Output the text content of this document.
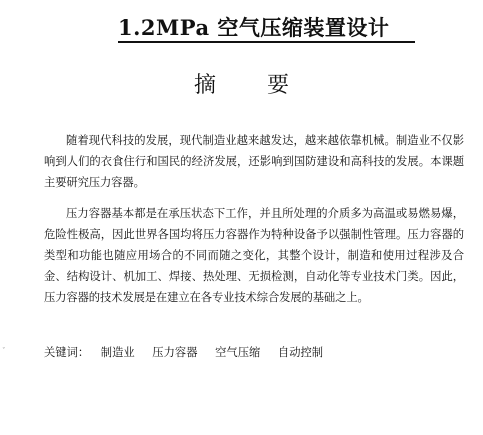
1.2MPa 空气压缩装置设计
摘 要
随着现代科技的发展，现代制造业越来越发达，越来越依靠机械。制造业不仅影响到人们的衣食住行和国民的经济发展，还影响到国防建设和高科技的发展。本课题主要研究压力容器。
压力容器基本都是在承压状态下工作，并且所处理的介质多为高温或易燃易爆，危险性极高，因此世界各国均将压力容器作为特种设备予以强制性管理。压力容器的类型和功能也随应用场合的不同而随之变化，其整个设计，制造和使用过程涉及合金、结构设计、机加工、焊接、热处理、无损检测，自动化等专业技术门类。因此，压力容器的技术发展是在建立在各专业技术综合发展的基础之上。
ˇ	关键词： 制造业 压力容器 空气压缩 自动控制
